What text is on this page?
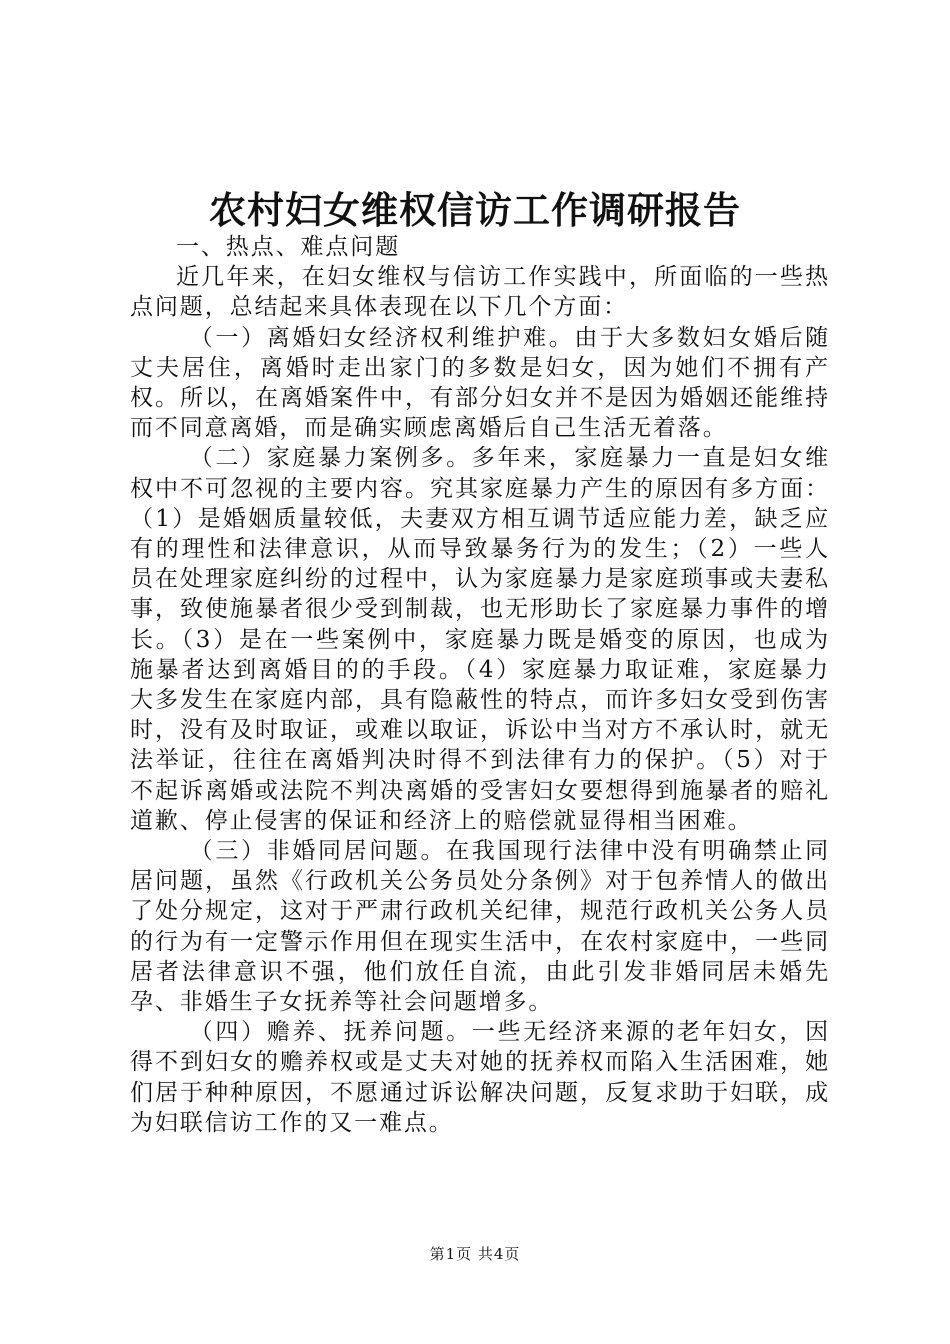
农村妇女维权信访工作调研报告

一、热点、难点问题

近几年来，在妇女维权与信访工作实践中，所面临的一些热点问题，总结起来具体表现在以下几个方面：

（一）离婚妇女经济权利维护难。由于大多数妇女婚后随丈夫居住，离婚时走出家门的多数是妇女，因为她们不拥有产权。所以，在离婚案件中，有部分妇女并不是因为婚姻还能维持而不同意离婚，而是确实顾虑离婚后自己生活无着落。

（二）家庭暴力案例多。多年来，家庭暴力一直是妇女维权中不可忽视的主要内容。究其家庭暴力产生的原因有多方面：（1）是婚姻质量较低，夫妻双方相互调节适应能力差，缺乏应有的理性和法律意识，从而导致暴务行为的发生；（2）一些人员在处理家庭纠纷的过程中，认为家庭暴力是家庭琐事或夫妻私事，致使施暴者很少受到制裁，也无形助长了家庭暴力事件的增长。（3）是在一些案例中，家庭暴力既是婚变的原因，也成为施暴者达到离婚目的的手段。（4）家庭暴力取证难，家庭暴力大多发生在家庭内部，具有隐蔽性的特点，而许多妇女受到伤害时，没有及时取证，或难以取证，诉讼中当对方不承认时，就无法举证，往往在离婚判决时得不到法律有力的保护。（5）对于不起诉离婚或法院不判决离婚的受害妇女要想得到施暴者的赔礼道歉、停止侵害的保证和经济上的赔偿就显得相当困难。

（三）非婚同居问题。在我国现行法律中没有明确禁止同居问题，虽然《行政机关公务员处分条例》对于包养情人的做出了处分规定，这对于严肃行政机关纪律，规范行政机关公务人员的行为有一定警示作用但在现实生活中，在农村家庭中，一些同居者法律意识不强，他们放任自流，由此引发非婚同居未婚先孕、非婚生子女抚养等社会问题增多。

（四）赡养、抚养问题。一些无经济来源的老年妇女，因得不到妇女的赡养权或是丈夫对她的抚养权而陷入生活困难，她们居于种种原因，不愿通过诉讼解决问题，反复求助于妇联，成为妇联信访工作的又一难点。

第1页 共4页
